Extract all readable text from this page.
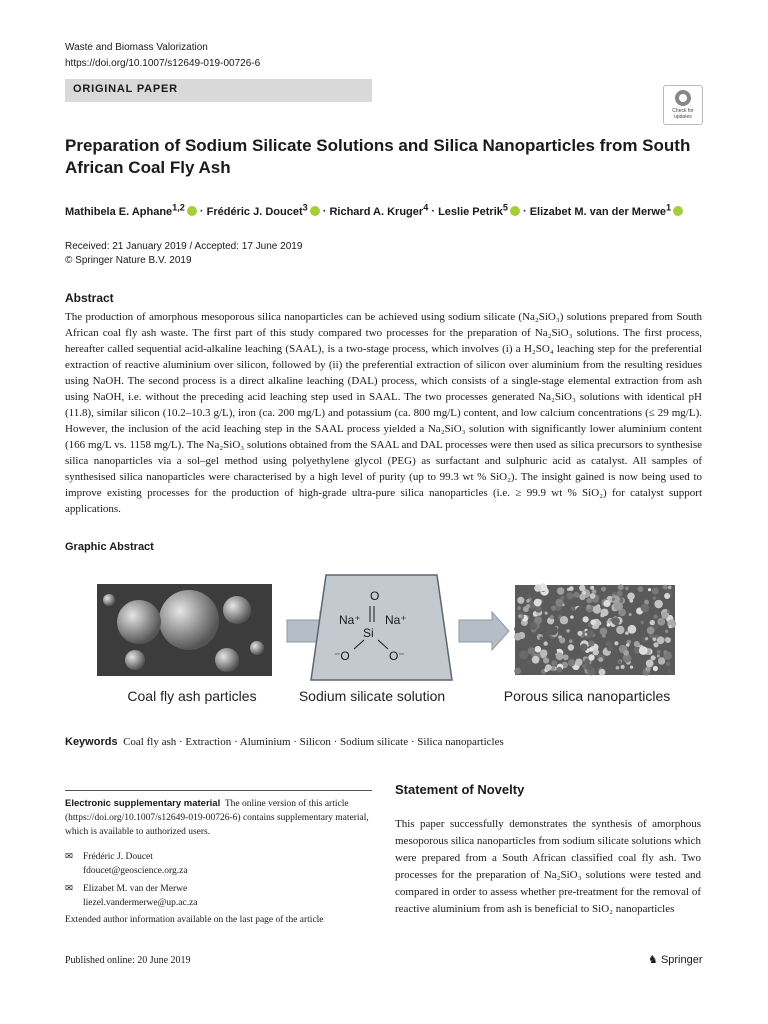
Waste and Biomass Valorization
https://doi.org/10.1007/s12649-019-00726-6
ORIGINAL PAPER
Check for
updates
Preparation of Sodium Silicate Solutions and Silica Nanoparticles from South African Coal Fly Ash
Mathibela E. Aphane$^{1,2}$ · Frédéric J. Doucet$^3$ · Richard A. Kruger$^4$ · Leslie Petrik$^5$ · Elizabet M. van der Merwe$^1$
Received: 21 January 2019 / Accepted: 17 June 2019
© Springer Nature B.V. 2019
Abstract
The production of amorphous mesoporous silica nanoparticles can be achieved using sodium silicate (Na₂SiO₃) solutions prepared from South African coal fly ash waste. The first part of this study compared two processes for the preparation of Na₂SiO₃ solutions. The first process, hereafter called sequential acid-alkaline leaching (SAAL), is a two-stage process, which involves (i) a H₂SO₄ leaching step for the preferential extraction of reactive aluminium over silicon, followed by (ii) the preferential extraction of silicon over aluminium from the resulting residues using NaOH. The second process is a direct alkaline leaching (DAL) process, which consists of a single-stage elemental extraction from ash using NaOH, i.e. without the preceding acid leaching step used in SAAL. The two processes generated Na₂SiO₃ solutions with identical pH (11.8), similar silicon (10.2–10.3 g/L), iron (ca. 200 mg/L) and potassium (ca. 800 mg/L) content, and low calcium concentrations (≤ 29 mg/L). However, the inclusion of the acid leaching step in the SAAL process yielded a Na₂SiO₃ solution with significantly lower aluminium content (166 mg/L vs. 1158 mg/L). The Na₂SiO₃ solutions obtained from the SAAL and DAL processes were then used as silica precursors to synthesise silica nanoparticles via a sol–gel method using polyethylene glycol (PEG) as surfactant and sulphuric acid as catalyst. All samples of synthesised silica nanoparticles were characterised by a high level of purity (up to 99.3 wt % SiO₂). The insight gained is now being used to improve existing processes for the production of high-grade ultra-pure silica nanoparticles (i.e. ≥ 99.9 wt % SiO₂) for catalyst support applications.
Graphic Abstract
O
Na⁺ Na⁺
Si
⁻O	O⁻
Coal fly ash particles	Sodium silicate solution	Porous silica nanoparticles
Keywords Coal fly ash · Extraction · Aluminium · Silicon · Sodium silicate · Silica nanoparticles
Electronic supplementary material The online version of this article (https://doi.org/10.1007/s12649-019-00726-6) contains supplementary material, which is available to authorized users.
✉ Frédéric J. Doucet
fdoucet@geoscience.org.za
✉ Elizabet M. van der Merwe
liezel.vandermerwe@up.ac.za
Extended author information available on the last page of the article
Statement of Novelty
This paper successfully demonstrates the synthesis of amorphous mesoporous silica nanoparticles from sodium silicate solutions which were prepared from a South African classified coal fly ash. Two processes for the preparation of Na₂SiO₃ solutions were tested and compared in order to assess whether pre-treatment for the removal of reactive aluminium from ash is beneficial to SiO₂ nanoparticles
Published online: 20 June 2019	♞ Springer
